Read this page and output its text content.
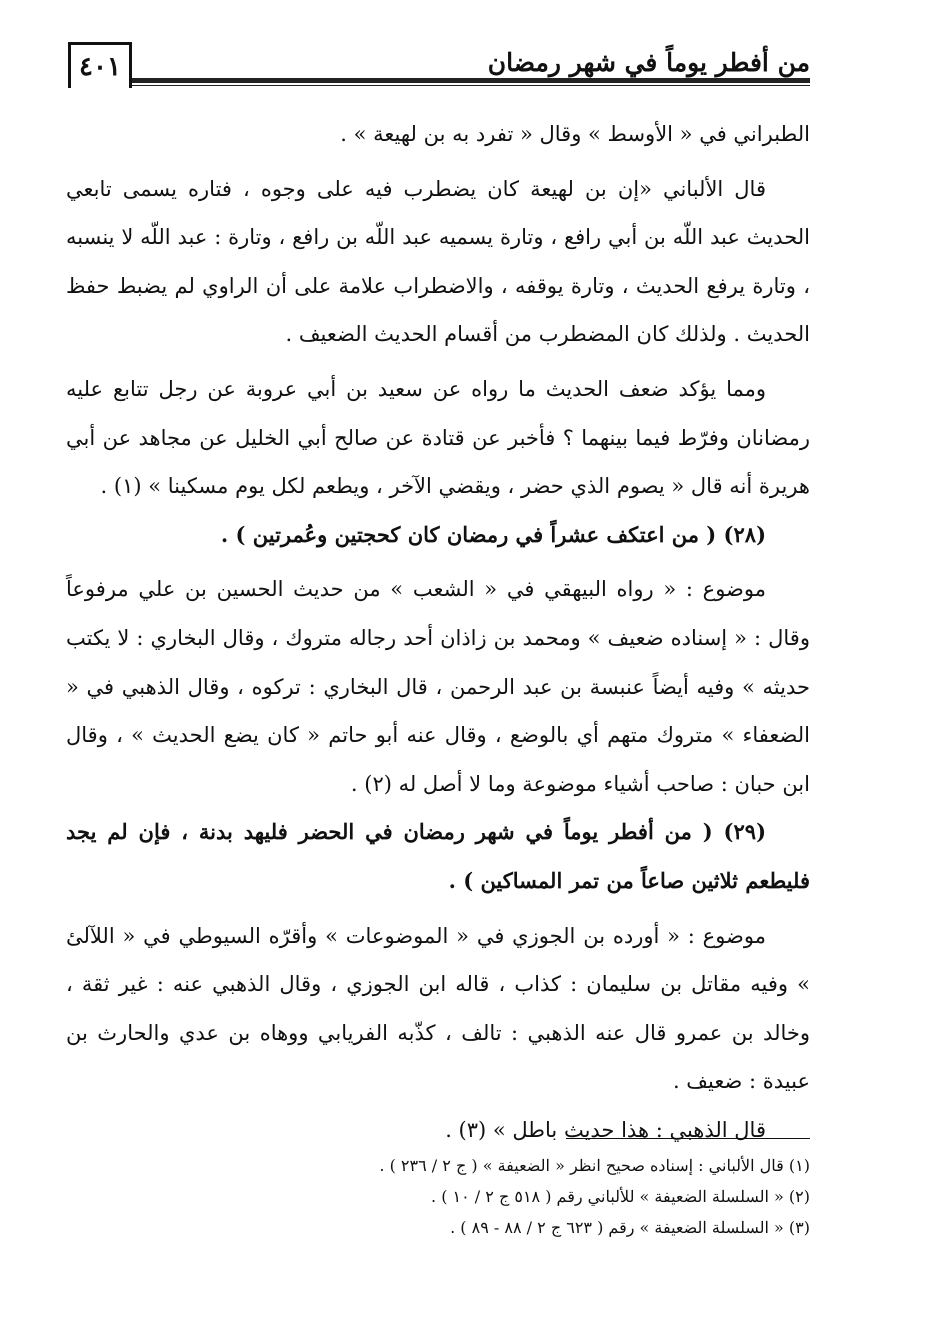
٤٠١	من أفطر يوماً في شهر رمضان

الطبراني في « الأوسط » وقال « تفرد به بن لهيعة » .

قال الألباني «إن بن لهيعة كان يضطرب فيه على وجوه ، فتاره يسمى تابعي الحديث عبد اللّه بن أبي رافع ، وتارة يسميه عبد اللّه بن رافع ، وتارة : عبد اللّه لا ينسبه ، وتارة يرفع الحديث ، وتارة يوقفه ، والاضطراب علامة على أن الراوي لم يضبط حفظ الحديث . ولذلك كان المضطرب من أقسام الحديث الضعيف .

ومما يؤكد ضعف الحديث ما رواه عن سعيد بن أبي عروبة عن رجل تتابع عليه رمضانان وفرّط فيما بينهما ؟ فأخبر عن قتادة عن صالح أبي الخليل عن مجاهد عن أبي هريرة أنه قال « يصوم الذي حضر ، ويقضي الآخر ، ويطعم لكل يوم مسكينا » (١) .

(٢٨) ( من اعتكف عشراً في رمضان كان كحجتين وعُمرتين ) .

موضوع : « رواه البيهقي في « الشعب » من حديث الحسين بن علي مرفوعاً وقال : « إسناده ضعيف » ومحمد بن زاذان أحد رجاله متروك ، وقال البخاري : لا يكتب حديثه » وفيه أيضاً عنبسة بن عبد الرحمن ، قال البخاري : تركوه ، وقال الذهبي في « الضعفاء » متروك متهم أي بالوضع ، وقال عنه أبو حاتم « كان يضع الحديث » ، وقال ابن حبان : صاحب أشياء موضوعة وما لا أصل له (٢) .

(٢٩) ( من أفطر يوماً في شهر رمضان في الحضر فليهد بدنة ، فإن لم يجد فليطعم ثلاثين صاعاً من تمر المساكين ) .

موضوع : « أورده بن الجوزي في « الموضوعات » وأقرّه السيوطي في « اللآلئ » وفيه مقاتل بن سليمان : كذاب ، قاله ابن الجوزي ، وقال الذهبي عنه : غير ثقة ، وخالد بن عمرو قال عنه الذهبي : تالف ، كذّبه الفريابي ووهاه بن عدي والحارث بن عبيدة : ضعيف .

قال الذهبي : هذا حديث باطل » (٣) .

(١) قال الألباني : إسناده صحيح انظر « الضعيفة » ( ج ٢ / ٢٣٦ ) .

(٢) « السلسلة الضعيفة » للألباني رقم ( ٥١٨ ج ٢ / ١٠ ) .

(٣) « السلسلة الضعيفة » رقم ( ٦٢٣ ج ٢ / ٨٨ - ٨٩ ) .
